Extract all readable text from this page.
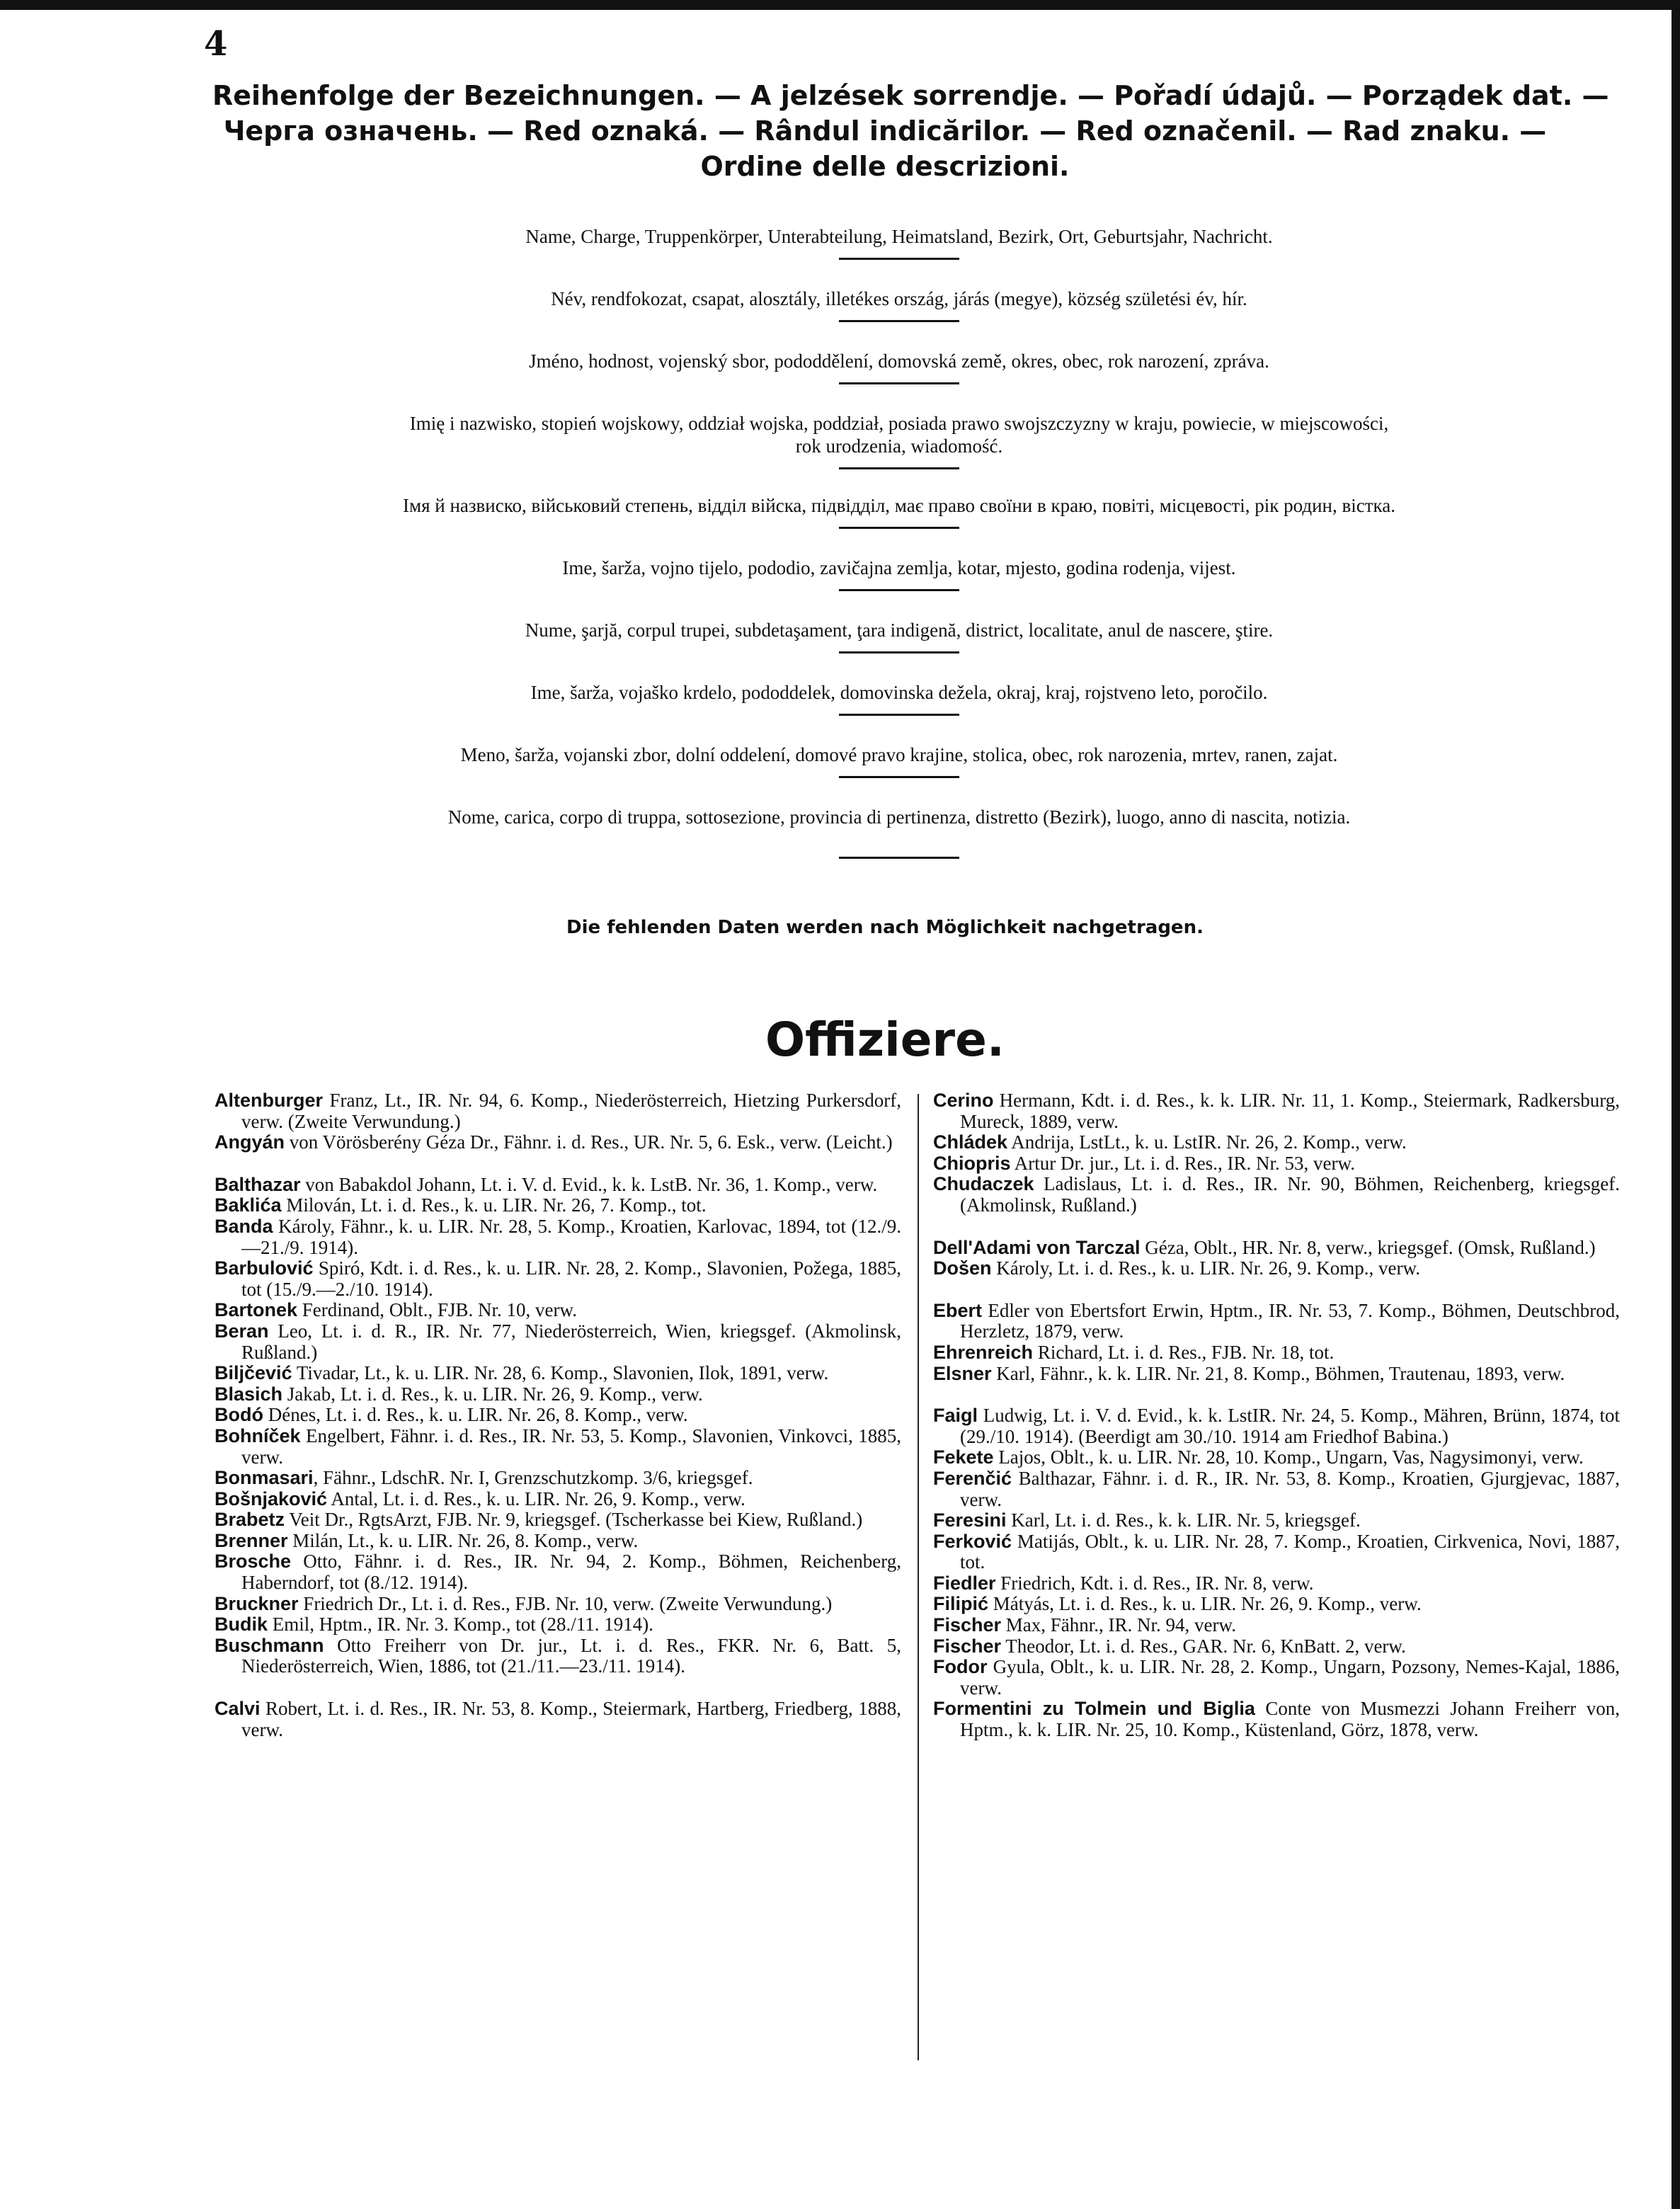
4
Reihenfolge der Bezeichnungen. — A jelzések sorrendje. — Pořadí údajů. — Porządek dat. —
Черга означень. — Red oznaká. — Rândul indicărilor. — Red označenil. — Rad znaku. —
Ordine delle descrizioni.
Name, Charge, Truppenkörper, Unterabteilung, Heimatsland, Bezirk, Ort, Geburtsjahr, Nachricht.
Név, rendfokozat, csapat, alosztály, illetékes ország, járás (megye), község születési év, hír.
Jméno, hodnost, vojenský sbor, pododdělení, domovská země, okres, obec, rok narození, zpráva.
Imię i nazwisko, stopień wojskowy, oddział wojska, poddział, posiada prawo swojszczyzny w kraju, powiecie, w miejscowości,
rok urodzenia, wiadomość.
Імя й назвиско, військовий степень, відділ війска, підвідділ, має право своїни в краю, повіті, місцевості, рік родин, вістка.
Ime, šarža, vojno tijelo, pododio, zavičajna zemlja, kotar, mjesto, godina rodenja, vijest.
Nume, şarjă, corpul trupei, subdetaşament, ţara indigenă, district, localitate, anul de nascere, ştire.
Ime, šarža, vojaško krdelo, pododdelek, domovinska dežela, okraj, kraj, rojstveno leto, poročilo.
Meno, šarža, vojanski zbor, dolní oddelení, domové pravo krajine, stolica, obec, rok narozenia, mrtev, ranen, zajat.
Nome, carica, corpo di truppa, sottosezione, provincia di pertinenza, distretto (Bezirk), luogo, anno di nascita, notizia.
Die fehlenden Daten werden nach Möglichkeit nachgetragen.
Offiziere.

Altenburger Franz, Lt., IR. Nr. 94, 6. Komp., Niederösterreich, Hietzing Purkersdorf, verw. (Zweite Verwundung.)

Angyán von Vörösberény Géza Dr., Fähnr. i. d. Res., UR. Nr. 5, 6. Esk., verw. (Leicht.)

Balthazar von Babakdol Johann, Lt. i. V. d. Evid., k. k. LstB. Nr. 36, 1. Komp., verw.

Baklića Milován, Lt. i. d. Res., k. u. LIR. Nr. 26, 7. Komp., tot.

Banda Károly, Fähnr., k. u. LIR. Nr. 28, 5. Komp., Kroatien, Karlovac, 1894, tot (12./9.—21./9. 1914).

Barbulović Spiró, Kdt. i. d. Res., k. u. LIR. Nr. 28, 2. Komp., Slavonien, Požega, 1885, tot (15./9.—2./10. 1914).

Bartonek Ferdinand, Oblt., FJB. Nr. 10, verw.

Beran Leo, Lt. i. d. R., IR. Nr. 77, Niederösterreich, Wien, kriegsgef. (Akmolinsk, Rußland.)

Biljčević Tivadar, Lt., k. u. LIR. Nr. 28, 6. Komp., Slavonien, Ilok, 1891, verw.

Blasich Jakab, Lt. i. d. Res., k. u. LIR. Nr. 26, 9. Komp., verw.

Bodó Dénes, Lt. i. d. Res., k. u. LIR. Nr. 26, 8. Komp., verw.

Bohníček Engelbert, Fähnr. i. d. Res., IR. Nr. 53, 5. Komp., Slavonien, Vinkovci, 1885, verw.

Bonmasari, Fähnr., LdschR. Nr. I, Grenzschutzkomp. 3/6, kriegsgef.

Bošnjaković Antal, Lt. i. d. Res., k. u. LIR. Nr. 26, 9. Komp., verw.

Brabetz Veit Dr., RgtsArzt, FJB. Nr. 9, kriegsgef. (Tscherkasse bei Kiew, Rußland.)

Brenner Milán, Lt., k. u. LIR. Nr. 26, 8. Komp., verw.

Brosche Otto, Fähnr. i. d. Res., IR. Nr. 94, 2. Komp., Böhmen, Reichenberg, Haberndorf, tot (8./12. 1914).

Bruckner Friedrich Dr., Lt. i. d. Res., FJB. Nr. 10, verw. (Zweite Verwundung.)

Budik Emil, Hptm., IR. Nr. 3. Komp., tot (28./11. 1914).

Buschmann Otto Freiherr von Dr. jur., Lt. i. d. Res., FKR. Nr. 6, Batt. 5, Niederösterreich, Wien, 1886, tot (21./11.—23./11. 1914).

Calvi Robert, Lt. i. d. Res., IR. Nr. 53, 8. Komp., Steiermark, Hartberg, Friedberg, 1888, verw.

Cerino Hermann, Kdt. i. d. Res., k. k. LIR. Nr. 11, 1. Komp., Steiermark, Radkersburg, Mureck, 1889, verw.

Chládek Andrija, LstLt., k. u. LstIR. Nr. 26, 2. Komp., verw.

Chiopris Artur Dr. jur., Lt. i. d. Res., IR. Nr. 53, verw.

Chudaczek Ladislaus, Lt. i. d. Res., IR. Nr. 90, Böhmen, Reichenberg, kriegsgef. (Akmolinsk, Rußland.)

Dell'Adami von Tarczal Géza, Oblt., HR. Nr. 8, verw., kriegsgef. (Omsk, Rußland.)

Došen Károly, Lt. i. d. Res., k. u. LIR. Nr. 26, 9. Komp., verw.

Ebert Edler von Ebertsfort Erwin, Hptm., IR. Nr. 53, 7. Komp., Böhmen, Deutschbrod, Herzletz, 1879, verw.

Ehrenreich Richard, Lt. i. d. Res., FJB. Nr. 18, tot.

Elsner Karl, Fähnr., k. k. LIR. Nr. 21, 8. Komp., Böhmen, Trautenau, 1893, verw.

Faigl Ludwig, Lt. i. V. d. Evid., k. k. LstIR. Nr. 24, 5. Komp., Mähren, Brünn, 1874, tot (29./10. 1914). (Beerdigt am 30./10. 1914 am Friedhof Babina.)

Fekete Lajos, Oblt., k. u. LIR. Nr. 28, 10. Komp., Ungarn, Vas, Nagysimonyi, verw.

Ferenčić Balthazar, Fähnr. i. d. R., IR. Nr. 53, 8. Komp., Kroatien, Gjurgjevac, 1887, verw.

Feresini Karl, Lt. i. d. Res., k. k. LIR. Nr. 5, kriegsgef.

Ferković Matijás, Oblt., k. u. LIR. Nr. 28, 7. Komp., Kroatien, Cirkvenica, Novi, 1887, tot.

Fiedler Friedrich, Kdt. i. d. Res., IR. Nr. 8, verw.

Filipić Mátyás, Lt. i. d. Res., k. u. LIR. Nr. 26, 9. Komp., verw.

Fischer Max, Fähnr., IR. Nr. 94, verw.

Fischer Theodor, Lt. i. d. Res., GAR. Nr. 6, KnBatt. 2, verw.

Fodor Gyula, Oblt., k. u. LIR. Nr. 28, 2. Komp., Ungarn, Pozsony, Nemes-Kajal, 1886, verw.

Formentini zu Tolmein und Biglia Conte von Musmezzi Johann Freiherr von, Hptm., k. k. LIR. Nr. 25, 10. Komp., Küstenland, Görz, 1878, verw.
